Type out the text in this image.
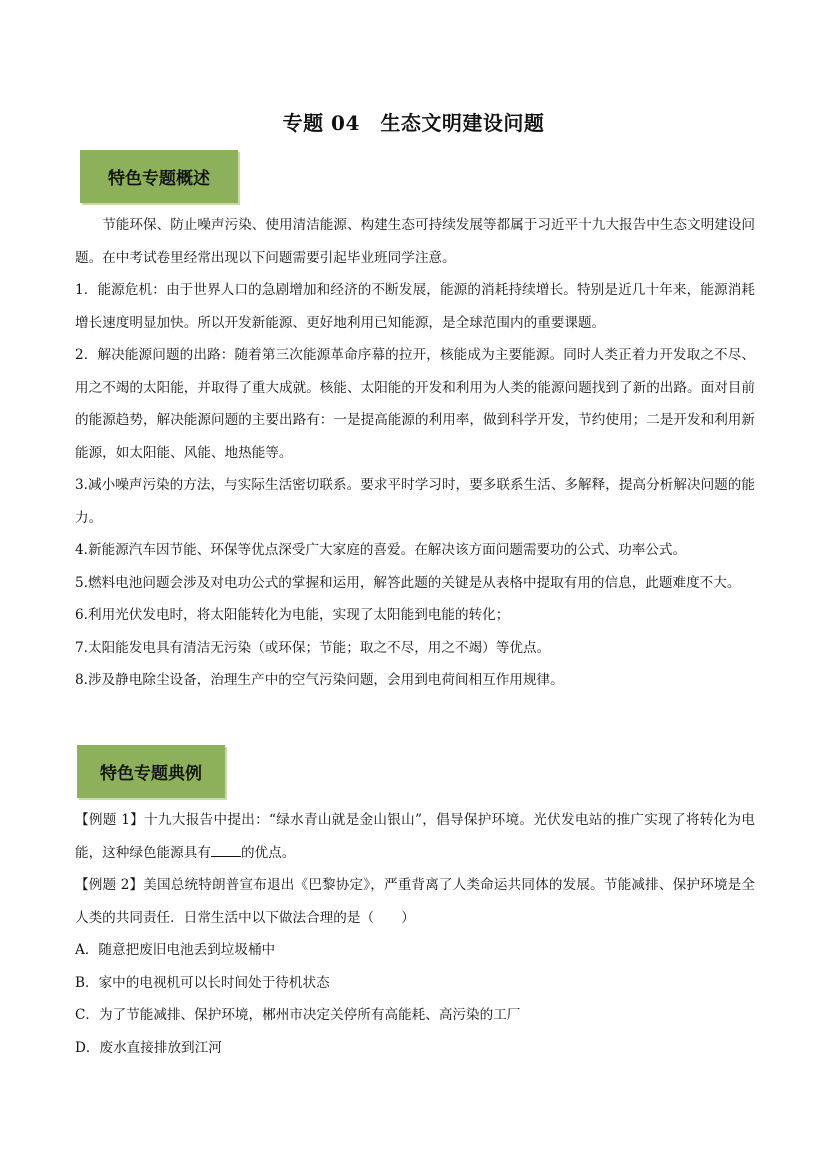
专题 04　生态文明建设问题
特色专题概述

节能环保、防止噪声污染、使用清洁能源、构建生态可持续发展等都属于习近平十九大报告中生态文明建设问题。在中考试卷里经常出现以下问题需要引起毕业班同学注意。

1．能源危机：由于世界人口的急剧增加和经济的不断发展，能源的消耗持续增长。特别是近几十年来，能源消耗增长速度明显加快。所以开发新能源、更好地利用已知能源，是全球范围内的重要课题。

2．解决能源问题的出路：随着第三次能源革命序幕的拉开，核能成为主要能源。同时人类正着力开发取之不尽、用之不竭的太阳能，并取得了重大成就。核能、太阳能的开发和利用为人类的能源问题找到了新的出路。面对目前的能源趋势，解决能源问题的主要出路有：一是提高能源的利用率，做到科学开发，节约使用；二是开发和利用新能源，如太阳能、风能、地热能等。

3.减小噪声污染的方法，与实际生活密切联系。要求平时学习时，要多联系生活、多解释，提高分析解决问题的能力。

4.新能源汽车因节能、环保等优点深受广大家庭的喜爱。在解决该方面问题需要功的公式、功率公式。

5.燃料电池问题会涉及对电功公式的掌握和运用，解答此题的关键是从表格中提取有用的信息，此题难度不大。

6.利用光伏发电时，将太阳能转化为电能，实现了太阳能到电能的转化；

7.太阳能发电具有清洁无污染（或环保；节能；取之不尽，用之不竭）等优点。

8.涉及静电除尘设备，治理生产中的空气污染问题，会用到电荷间相互作用规律。

特色专题典例

【例题 1】十九大报告中提出：“绿水青山就是金山银山”，倡导保护环境。光伏发电站的推广实现了将转化为电能，这种绿色能源具有 的优点。

【例题 2】美国总统特朗普宣布退出《巴黎协定》，严重背离了人类命运共同体的发展。节能减排、保护环境是全人类的共同责任．日常生活中以下做法合理的是（　　）

A．随意把废旧电池丢到垃圾桶中

B．家中的电视机可以长时间处于待机状态

C．为了节能减排、保护环境，郴州市决定关停所有高能耗、高污染的工厂

D．废水直接排放到江河
